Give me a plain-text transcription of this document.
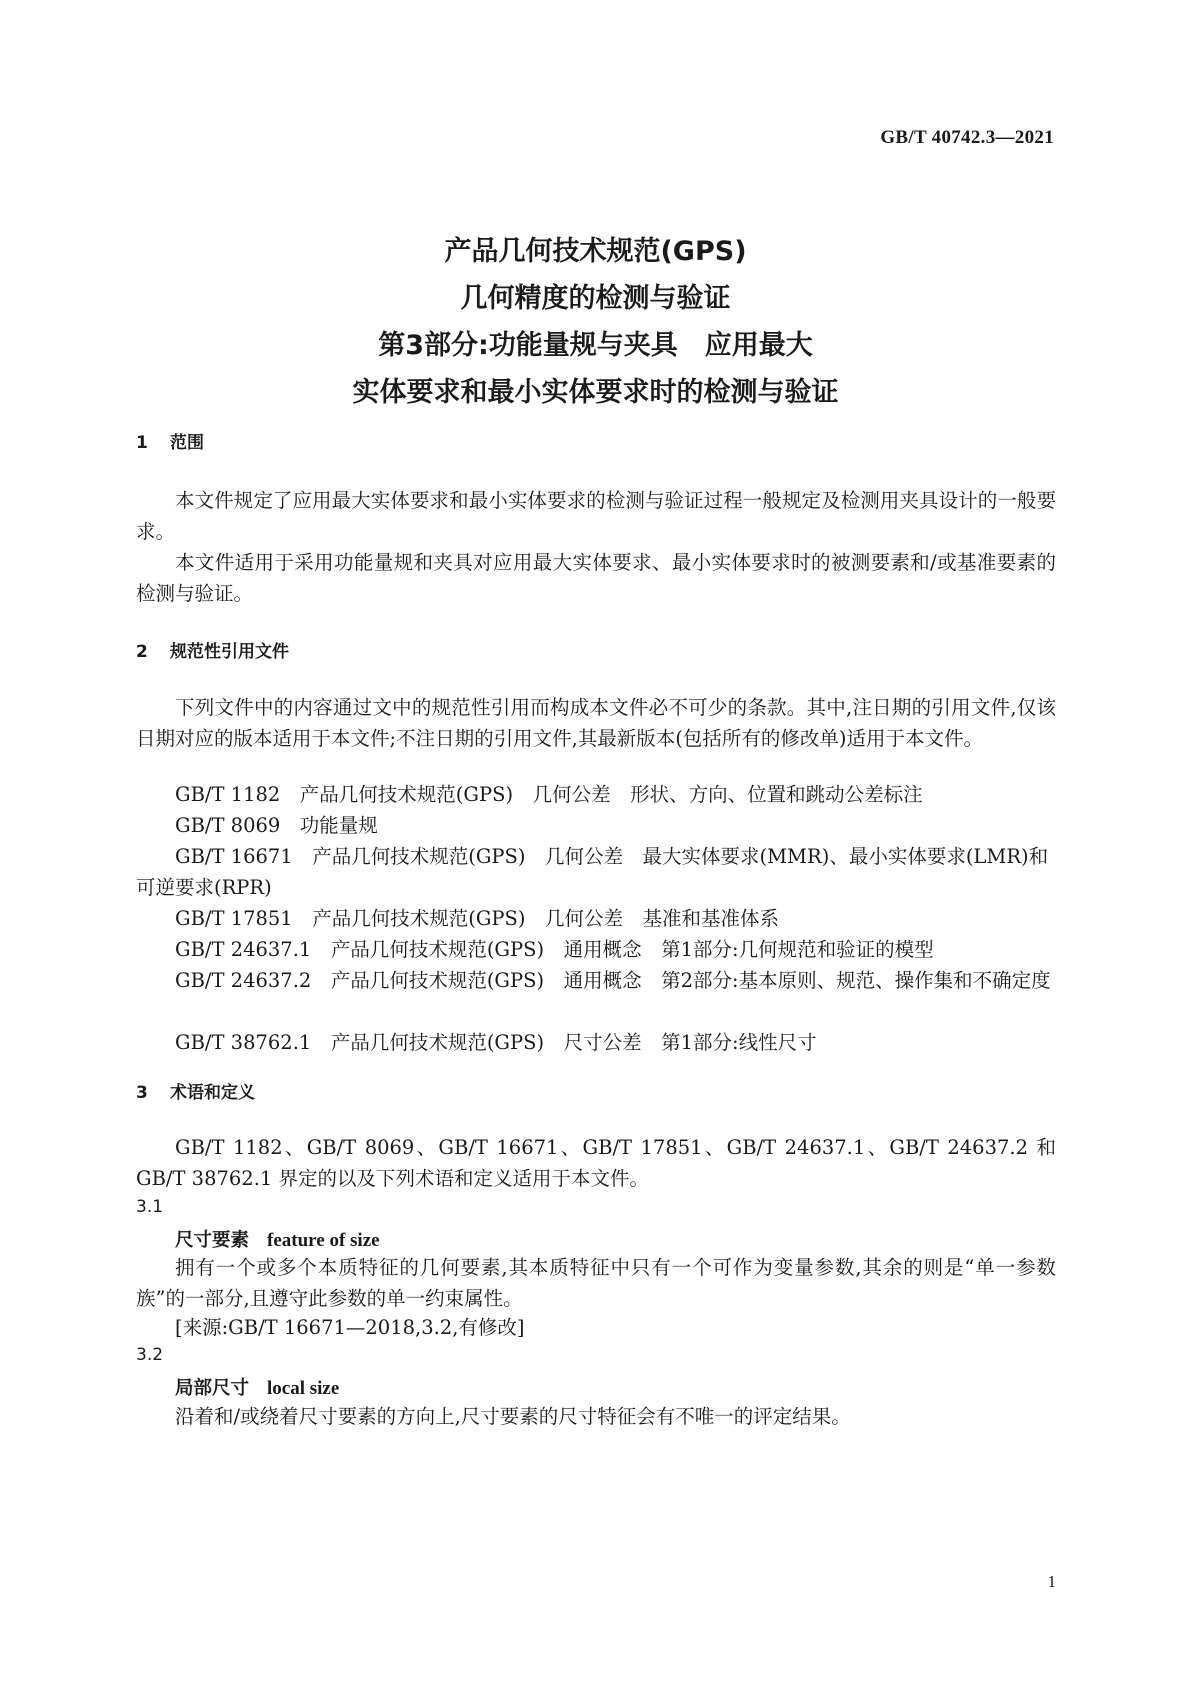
GB/T 40742.3—2021
产品几何技术规范(GPS)
几何精度的检测与验证
第3部分:功能量规与夹具　应用最大
实体要求和最小实体要求时的检测与验证
1 范围
本文件规定了应用最大实体要求和最小实体要求的检测与验证过程一般规定及检测用夹具设计的一般要求。
本文件适用于采用功能量规和夹具对应用最大实体要求、最小实体要求时的被测要素和/或基准要素的检测与验证。
2 规范性引用文件
下列文件中的内容通过文中的规范性引用而构成本文件必不可少的条款。其中,注日期的引用文件,仅该日期对应的版本适用于本文件;不注日期的引用文件,其最新版本(包括所有的修改单)适用于本文件。
GB/T 1182　产品几何技术规范(GPS)　几何公差　形状、方向、位置和跳动公差标注
GB/T 8069　功能量规
GB/T 16671　产品几何技术规范(GPS)　几何公差　最大实体要求(MMR)、最小实体要求(LMR)和可逆要求(RPR)
GB/T 17851　产品几何技术规范(GPS)　几何公差　基准和基准体系
GB/T 24637.1　产品几何技术规范(GPS)　通用概念　第1部分:几何规范和验证的模型
GB/T 24637.2　产品几何技术规范(GPS)　通用概念　第2部分:基本原则、规范、操作集和不确定度
GB/T 38762.1　产品几何技术规范(GPS)　尺寸公差　第1部分:线性尺寸
3 术语和定义
GB/T 1182、GB/T 8069、GB/T 16671、GB/T 17851、GB/T 24637.1、GB/T 24637.2 和 GB/T 38762.1 界定的以及下列术语和定义适用于本文件。
3.1
尺寸要素 feature of size
拥有一个或多个本质特征的几何要素,其本质特征中只有一个可作为变量参数,其余的则是“单一参数族”的一部分,且遵守此参数的单一约束属性。
[来源:GB/T 16671—2018,3.2,有修改]
3.2
局部尺寸 local size
沿着和/或绕着尺寸要素的方向上,尺寸要素的尺寸特征会有不唯一的评定结果。
1
